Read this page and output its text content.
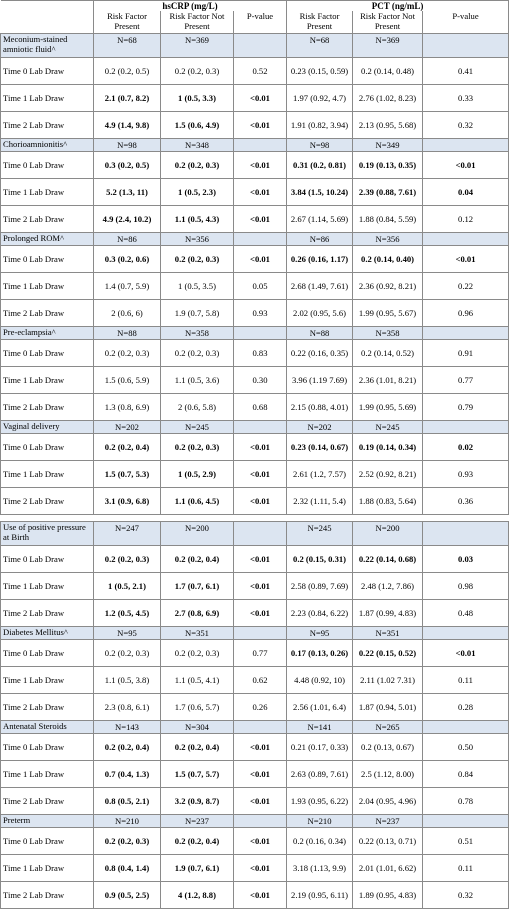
	hsCRP (mg/L)			PCT (ng/mL)		
	Risk Factor Present	Risk Factor Not Present	P-value	Risk Factor Present	Risk Factor Not Present	P-value
Meconium-stained amniotic fluid^	N=68	N=369		N=68	N=369	
Time 0 Lab Draw	0.2 (0.2, 0.5)	0.2 (0.2, 0.3)	0.52	0.23 (0.15, 0.59)	0.2 (0.14, 0.48)	0.41
Time 1 Lab Draw	2.1 (0.7, 8.2)	1 (0.5, 3.3)	<0.01	1.97 (0.92, 4.7)	2.76 (1.02, 8.23)	0.33
Time 2 Lab Draw	4.9 (1.4, 9.8)	1.5 (0.6, 4.9)	<0.01	1.91 (0.82, 3.94)	2.13 (0.95, 5.68)	0.32
Chorioamnionitis^	N=98	N=348		N=98	N=349	
Time 0 Lab Draw	0.3 (0.2, 0.5)	0.2 (0.2, 0.3)	<0.01	0.31 (0.2, 0.81)	0.19 (0.13, 0.35)	<0.01
Time 1 Lab Draw	5.2 (1.3, 11)	1 (0.5, 2.3)	<0.01	3.84 (1.5, 10.24)	2.39 (0.88, 7.61)	0.04
Time 2 Lab Draw	4.9 (2.4, 10.2)	1.1 (0.5, 4.3)	<0.01	2.67 (1.14, 5.69)	1.88 (0.84, 5.59)	0.12
Prolonged ROM^	N=86	N=356		N=86	N=356	
Time 0 Lab Draw	0.3 (0.2, 0.6)	0.2 (0.2, 0.3)	<0.01	0.26 (0.16, 1.17)	0.2 (0.14, 0.40)	<0.01
Time 1 Lab Draw	1.4 (0.7, 5.9)	1 (0.5, 3.5)	0.05	2.68 (1.49, 7.61)	2.36 (0.92, 8.21)	0.22
Time 2 Lab Draw	2 (0.6, 6)	1.9 (0.7, 5.8)	0.93	2.02 (0.95, 5.6)	1.99 (0.95, 5.67)	0.96
Pre-eclampsia^	N=88	N=358		N=88	N=358	
Time 0 Lab Draw	0.2 (0.2, 0.3)	0.2 (0.2, 0.3)	0.83	0.22 (0.16, 0.35)	0.2 (0.14, 0.52)	0.91
Time 1 Lab Draw	1.5 (0.6, 5.9)	1.1 (0.5, 3.6)	0.30	3.96 (1.19 7.69)	2.36 (1.01, 8.21)	0.77
Time 2 Lab Draw	1.3 (0.8, 6.9)	2 (0.6, 5.8)	0.68	2.15 (0.88, 4.01)	1.99 (0.95, 5.69)	0.79
Vaginal delivery	N=202	N=245		N=202	N=245	
Time 0 Lab Draw	0.2 (0.2, 0.4)	0.2 (0.2, 0.3)	<0.01	0.23 (0.14, 0.67)	0.19 (0.14, 0.34)	0.02
Time 1 Lab Draw	1.5 (0.7, 5.3)	1 (0.5, 2.9)	<0.01	2.61 (1.2, 7.57)	2.52 (0.92, 8.21)	0.93
Time 2 Lab Draw	3.1 (0.9, 6.8)	1.1 (0.6, 4.5)	<0.01	2.32 (1.11, 5.4)	1.88 (0.83, 5.64)	0.36

Use of positive pressure at Birth	N=247	N=200		N=245	N=200	
Time 0 Lab Draw	0.2 (0.2, 0.3)	0.2 (0.2, 0.4)	<0.01	0.2 (0.15, 0.31)	0.22 (0.14, 0.68)	0.03
Time 1 Lab Draw	1 (0.5, 2.1)	1.7 (0.7, 6.1)	<0.01	2.58 (0.89, 7.69)	2.48 (1.2, 7.86)	0.98
Time 2 Lab Draw	1.2 (0.5, 4.5)	2.7 (0.8, 6.9)	<0.01	2.23 (0.84, 6.22)	1.87 (0.99, 4.83)	0.48
Diabetes Mellitus^	N=95	N=351		N=95	N=351	
Time 0 Lab Draw	0.2 (0.2, 0.3)	0.2 (0.2, 0.3)	0.77	0.17 (0.13, 0.26)	0.22 (0.15, 0.52)	<0.01
Time 1 Lab Draw	1.1 (0.5, 3.8)	1.1 (0.5, 4.1)	0.62	4.48 (0.92, 10)	2.11 (1.02 7.31)	0.11
Time 2 Lab Draw	2.3 (0.8, 6.1)	1.7 (0.6, 5.7)	0.26	2.56 (1.01, 6.4)	1.87 (0.94, 5.01)	0.28
Antenatal Steroids	N=143	N=304		N=141	N=265	
Time 0 Lab Draw	0.2 (0.2, 0.4)	0.2 (0.2, 0.4)	<0.01	0.21 (0.17, 0.33)	0.2 (0.13, 0.67)	0.50
Time 1 Lab Draw	0.7 (0.4, 1.3)	1.5 (0.7, 5.7)	<0.01	2.63 (0.89, 7.61)	2.5 (1.12, 8.00)	0.84
Time 2 Lab Draw	0.8 (0.5, 2.1)	3.2 (0.9, 8.7)	<0.01	1.93 (0.95, 6.22)	2.04 (0.95, 4.96)	0.78
Preterm	N=210	N=237		N=210	N=237	
Time 0 Lab Draw	0.2 (0.2, 0.3)	0.2 (0.2, 0.4)	<0.01	0.2 (0.16, 0.34)	0.22 (0.13, 0.71)	0.51
Time 1 Lab Draw	0.8 (0.4, 1.4)	1.9 (0.7, 6.1)	<0.01	3.18 (1.13, 9.9)	2.01 (1.01, 6.62)	0.11
Time 2 Lab Draw	0.9 (0.5, 2.5)	4 (1.2, 8.8)	<0.01	2.19 (0.95, 6.11)	1.89 (0.95, 4.83)	0.32
